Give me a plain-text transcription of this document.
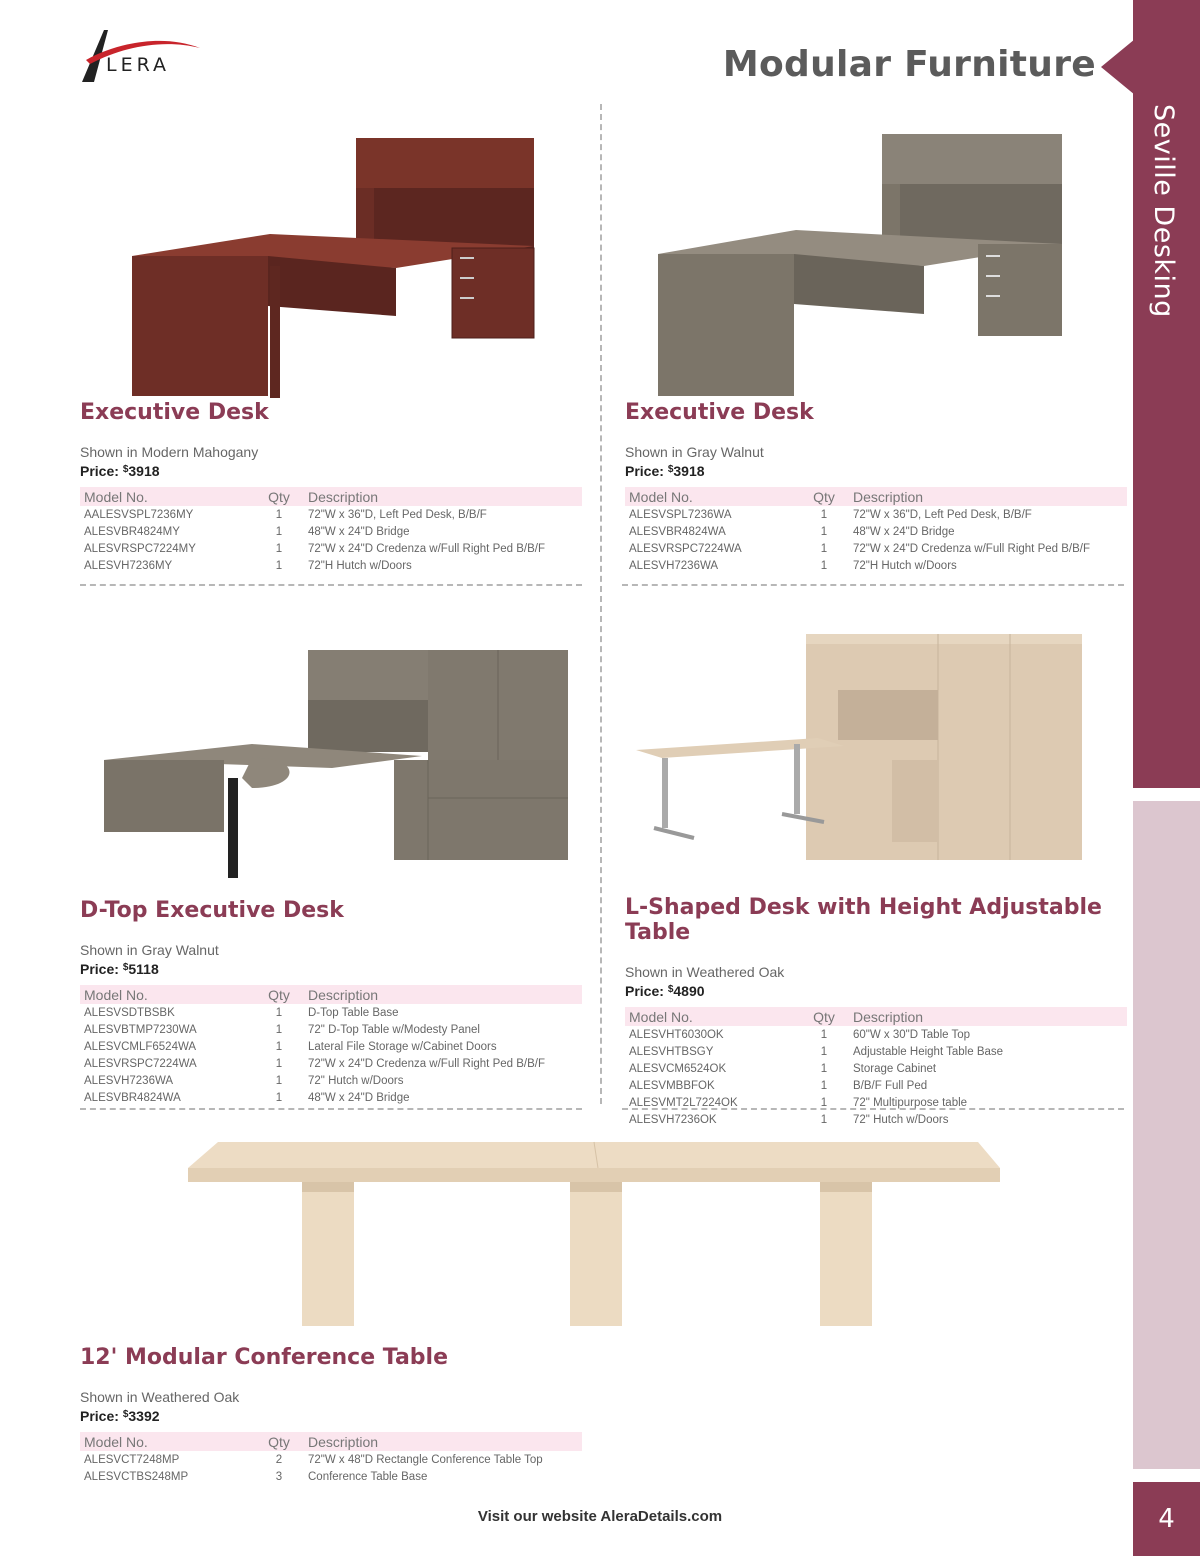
LERA	Modular Furniture
Seville Desking
4
Executive Desk
Shown in Modern Mahogany
Price: $3918
Model No.	Qty	Description
AALESVSPL7236MY	1	72"W x 36"D, Left Ped Desk, B/B/F
ALESVBR4824MY	1	48"W x 24"D Bridge
ALESVRSPC7224MY	1	72"W x 24"D Credenza w/Full Right Ped B/B/F
ALESVH7236MY	1	72"H Hutch w/Doors
Executive Desk
Shown in Gray Walnut
Price: $3918
Model No.	Qty	Description
ALESVSPL7236WA	1	72"W x 36"D, Left Ped Desk, B/B/F
ALESVBR4824WA	1	48"W x 24"D Bridge
ALESVRSPC7224WA	1	72"W x 24"D Credenza w/Full Right Ped B/B/F
ALESVH7236WA	1	72"H Hutch w/Doors
D-Top Executive Desk
Shown in Gray Walnut
Price: $5118
Model No.	Qty	Description
ALESVSDTBSBK	1	D-Top Table Base
ALESVBTMP7230WA	1	72" D-Top Table w/Modesty Panel
ALESVCMLF6524WA	1	Lateral File Storage w/Cabinet Doors
ALESVRSPC7224WA	1	72"W x 24"D Credenza w/Full Right Ped B/B/F
ALESVH7236WA	1	72" Hutch w/Doors
ALESVBR4824WA	1	48"W x 24"D Bridge
L-Shaped Desk with Height Adjustable Table
Shown in Weathered Oak
Price: $4890
Model No.	Qty	Description
ALESVHT6030OK	1	60"W x 30"D Table Top
ALESVHTBSGY	1	Adjustable Height Table Base
ALESVCM6524OK	1	Storage Cabinet
ALESVMBBFOK	1	B/B/F Full Ped
ALESVMT2L7224OK	1	72" Multipurpose table
ALESVH7236OK	1	72" Hutch w/Doors
12' Modular Conference Table
Shown in Weathered Oak
Price: $3392
Model No.	Qty	Description
ALESVCT7248MP	2	72"W x 48"D Rectangle Conference Table Top
ALESVCTBS248MP	3	Conference Table Base
Visit our website AleraDetails.com
